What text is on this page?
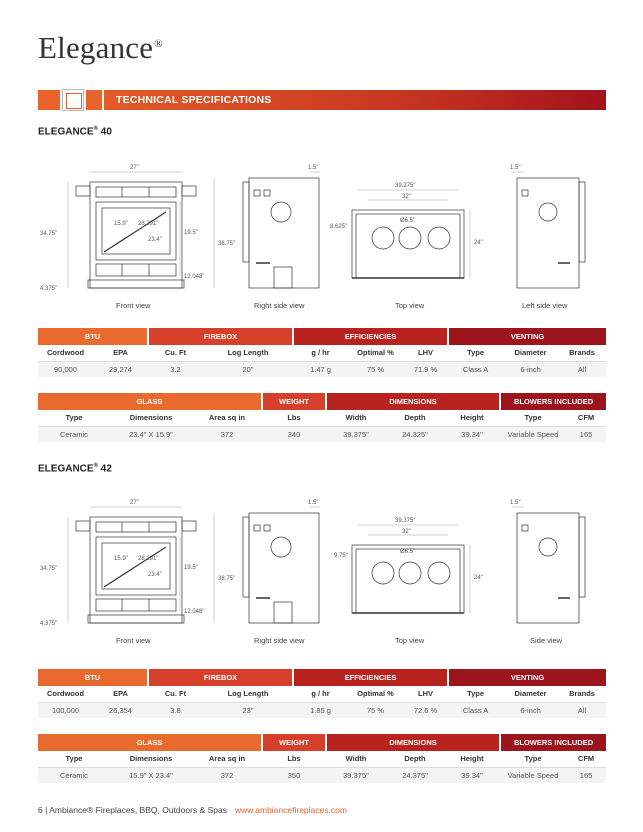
Elegance®
TECHNICAL SPECIFICATIONS
ELEGANCE® 40
27"
34.75"
4.375"
15.9" 28.291"
23.4"
19.5"
12.048"
38.75"
1.5"
39.375"
32"
24"
8.625"
Ø6.5"
1.5"
Front view	Right side view	Top view	Left side view
BTU		FIREBOX		EFFICIENCIES			VENTING		
Cordwood	EPA	Cu. Ft	Log Length	g / hr	Optimal %	LHV	Type	Diameter	Brands
90,000	29,274	3.2	20"	1.47 g	75 %	71.9 %	Class A	6-inch	All
GLASS			WEIGHT	DIMENSIONS			BLOWERS INCLUDED	
Type	Dimensions	Area sq in	Lbs	Width	Depth	Height	Type	CFM
Ceramic	23.4" X 15.9"	372	340	39.375"	24.325"	39.34"	Variable Speed	165
ELEGANCE® 42
27"
34.75"
4.375"
15.9" 28.291"
23.4"
19.5"
12.048"
38.75"
1.5"
39.375"
32"
24"
9.75"
Ø6.5"
1.5"
Front view	Right side view	Top view	Side view
BTU		FIREBOX		EFFICIENCIES			VENTING		
Cordwood	EPA	Cu. Ft	Log Length	g / hr	Optimal %	LHV	Type	Diameter	Brands
100,000	26,354	3.8	23"	1.85 g	75 %	72.6 %	Class A	6-inch	All
GLASS			WEIGHT	DIMENSIONS			BLOWERS INCLUDED	
Type	Dimensions	Area sq in	Lbs	Width	Depth	Height	Type	CFM
Ceramic	15.9" X 23.4"	372	350	39.375"	24.375"	39.34"	Variable Speed	165
6 | Ambiance® Fireplaces, BBQ, Outdoors & Spas www.ambiancefireplaces.com
